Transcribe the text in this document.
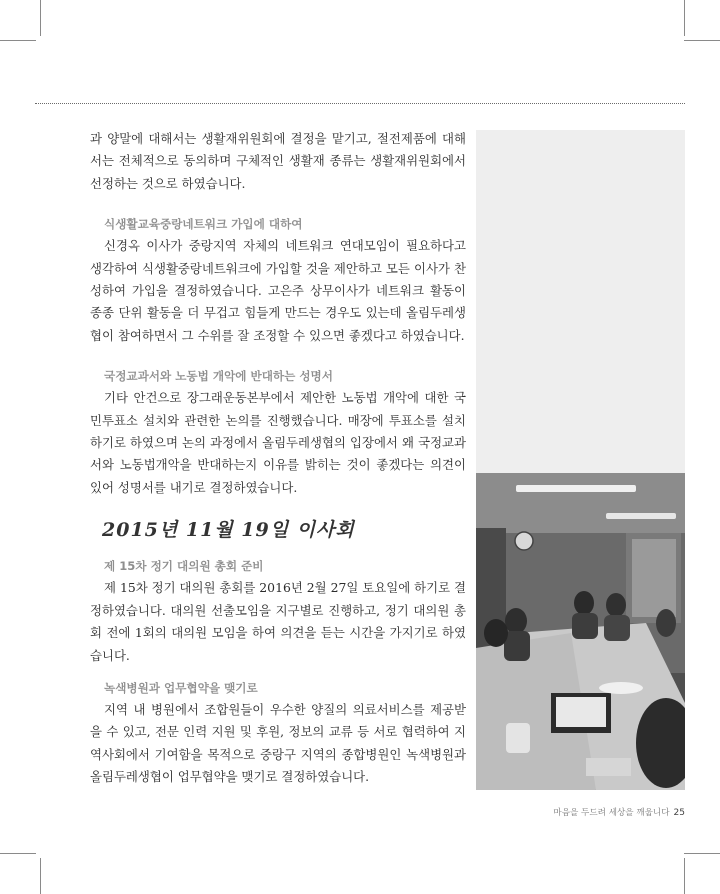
과 양말에 대해서는 생활재위원회에 결정을 맡기고, 절전제품에 대해서는 전체적으로 동의하며 구체적인 생활재 종류는 생활재위원회에서 선정하는 것으로 하였습니다.

식생활교육중랑네트워크 가입에 대하여

신경옥 이사가 중랑지역 자체의 네트워크 연대모임이 필요하다고 생각하여 식생활중랑네트워크에 가입할 것을 제안하고 모든 이사가 찬성하여 가입을 결정하였습니다. 고은주 상무이사가 네트워크 활동이 종종 단위 활동을 더 무겁고 힘들게 만드는 경우도 있는데 올림두레생협이 참여하면서 그 수위를 잘 조정할 수 있으면 좋겠다고 하였습니다.

국정교과서와 노동법 개악에 반대하는 성명서

기타 안건으로 장그래운동본부에서 제안한 노동법 개악에 대한 국민투표소 설치와 관련한 논의를 진행했습니다. 매장에 투표소를 설치하기로 하였으며 논의 과정에서 올림두레생협의 입장에서 왜 국정교과서와 노동법개악을 반대하는지 이유를 밝히는 것이 좋겠다는 의견이 있어 성명서를 내기로 결정하였습니다.

2015년 11월 19일 이사회
제 15차 정기 대의원 총회 준비

제 15차 정기 대의원 총회를 2016년 2월 27일 토요일에 하기로 결정하였습니다. 대의원 선출모임을 지구별로 진행하고, 정기 대의원 총회 전에 1회의 대의원 모임을 하여 의견을 듣는 시간을 가지기로 하였습니다.

녹색병원과 업무협약을 맺기로

지역 내 병원에서 조합원들이 우수한 양질의 의료서비스를 제공받을 수 있고, 전문 인력 지원 및 후원, 정보의 교류 등 서로 협력하여 지역사회에서 기여함을 목적으로 중랑구 지역의 종합병원인 녹색병원과 올림두레생협이 업무협약을 맺기로 결정하였습니다.

마음을 두드려 세상을 깨웁니다 25
